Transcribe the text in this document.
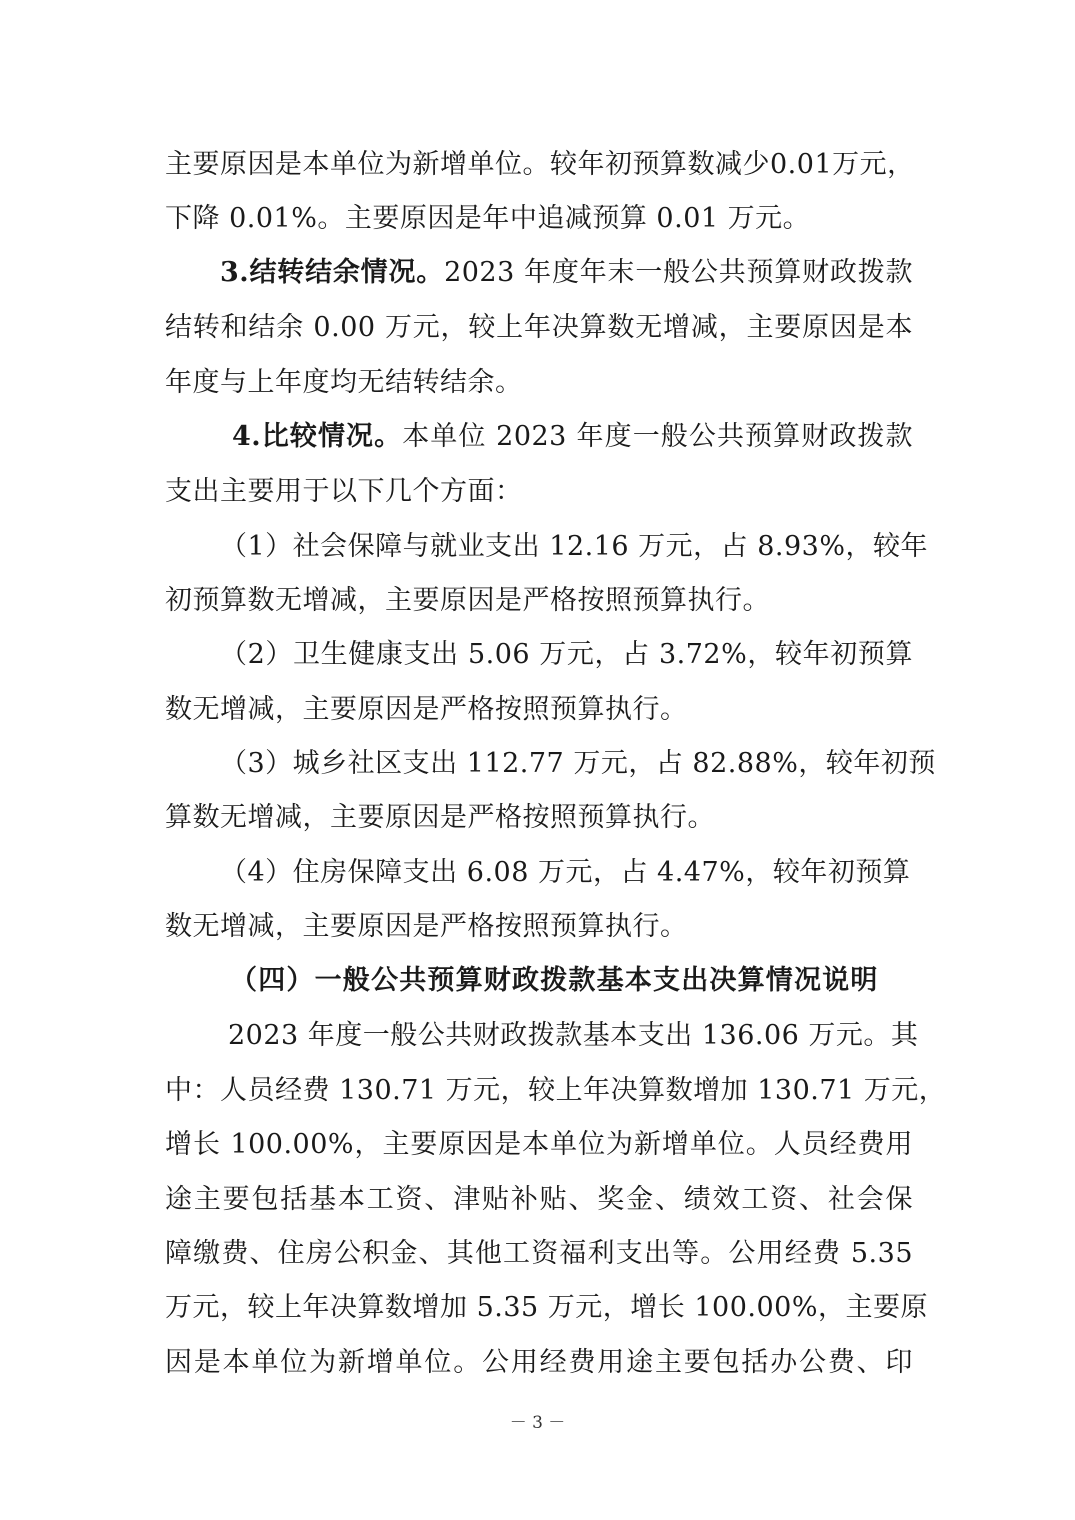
主要原因是本单位为新增单位。较年初预算数减少0.01万元，
下降 0.01%。主要原因是年中追减预算 0.01 万元。
3.结转结余情况。2023 年度年末一般公共预算财政拨款
结转和结余 0.00 万元，较上年决算数无增减，主要原因是本
年度与上年度均无结转结余。
4.比较情况。本单位 2023 年度一般公共预算财政拨款
支出主要用于以下几个方面：
（1）社会保障与就业支出 12.16 万元，占 8.93%，较年
初预算数无增减，主要原因是严格按照预算执行。
（2）卫生健康支出 5.06 万元，占 3.72%，较年初预算
数无增减，主要原因是严格按照预算执行。
（3）城乡社区支出 112.77 万元，占 82.88%，较年初预
算数无增减，主要原因是严格按照预算执行。
（4）住房保障支出 6.08 万元，占 4.47%，较年初预算
数无增减，主要原因是严格按照预算执行。
（四）一般公共预算财政拨款基本支出决算情况说明
2023 年度一般公共财政拨款基本支出 136.06 万元。其
中：人员经费 130.71 万元，较上年决算数增加 130.71 万元，
增长 100.00%，主要原因是本单位为新增单位。人员经费用
途主要包括基本工资、津贴补贴、奖金、绩效工资、社会保
障缴费、住房公积金、其他工资福利支出等。公用经费 5.35
万元，较上年决算数增加 5.35 万元，增长 100.00%，主要原
因是本单位为新增单位。公用经费用途主要包括办公费、印
－ 3 －
